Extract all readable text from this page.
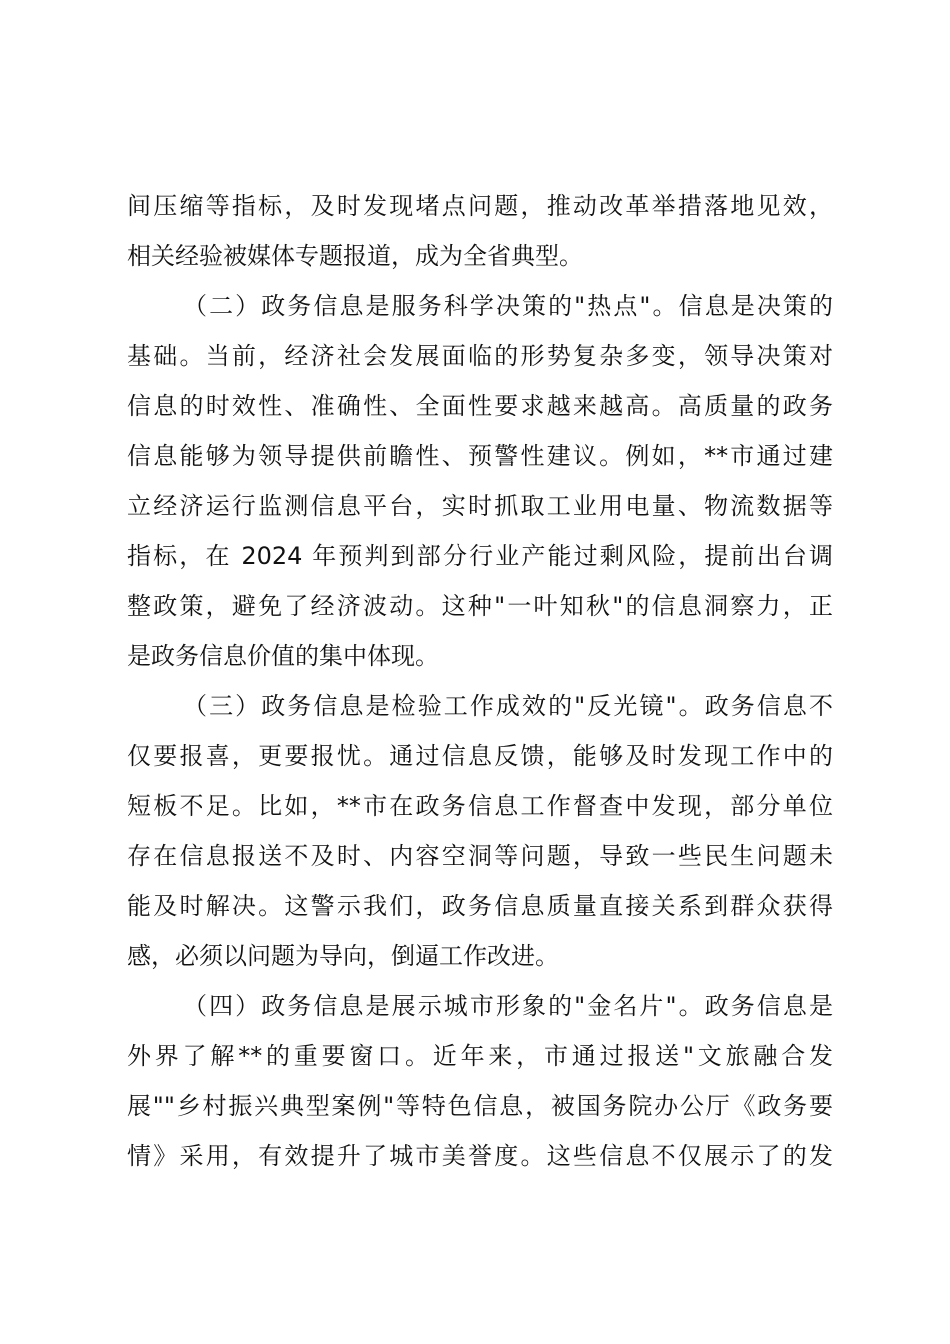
间压缩等指标，及时发现堵点问题，推动改革举措落地见效，
相关经验被媒体专题报道，成为全省典型。
（二）政务信息是服务科学决策的"热点"。信息是决策的
基础。当前，经济社会发展面临的形势复杂多变，领导决策对
信息的时效性、准确性、全面性要求越来越高。高质量的政务
信息能够为领导提供前瞻性、预警性建议。例如，**市通过建
立经济运行监测信息平台，实时抓取工业用电量、物流数据等
指标，在 2024 年预判到部分行业产能过剩风险，提前出台调
整政策，避免了经济波动。这种"一叶知秋"的信息洞察力，正
是政务信息价值的集中体现。
（三）政务信息是检验工作成效的"反光镜"。政务信息不
仅要报喜，更要报忧。通过信息反馈，能够及时发现工作中的
短板不足。比如，**市在政务信息工作督查中发现，部分单位
存在信息报送不及时、内容空洞等问题，导致一些民生问题未
能及时解决。这警示我们，政务信息质量直接关系到群众获得
感，必须以问题为导向，倒逼工作改进。
（四）政务信息是展示城市形象的"金名片"。政务信息是
外界了解**的重要窗口。近年来，市通过报送"文旅融合发
展""乡村振兴典型案例"等特色信息，被国务院办公厅《政务要
情》采用，有效提升了城市美誉度。这些信息不仅展示了的发
